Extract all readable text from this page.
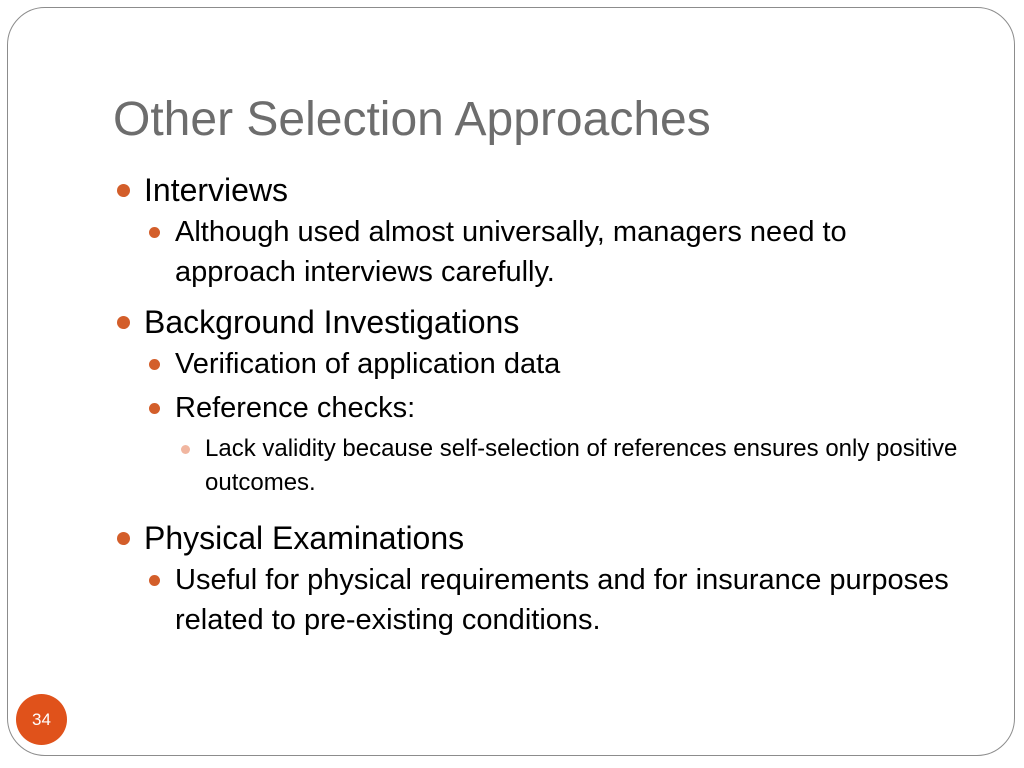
Other Selection Approaches
Interviews
Although used almost universally, managers need to approach interviews carefully.
Background Investigations
Verification of application data
Reference checks:
Lack validity because self-selection of references ensures only positive outcomes.
Physical Examinations
Useful for physical requirements and for insurance purposes related to pre-existing conditions.
34
